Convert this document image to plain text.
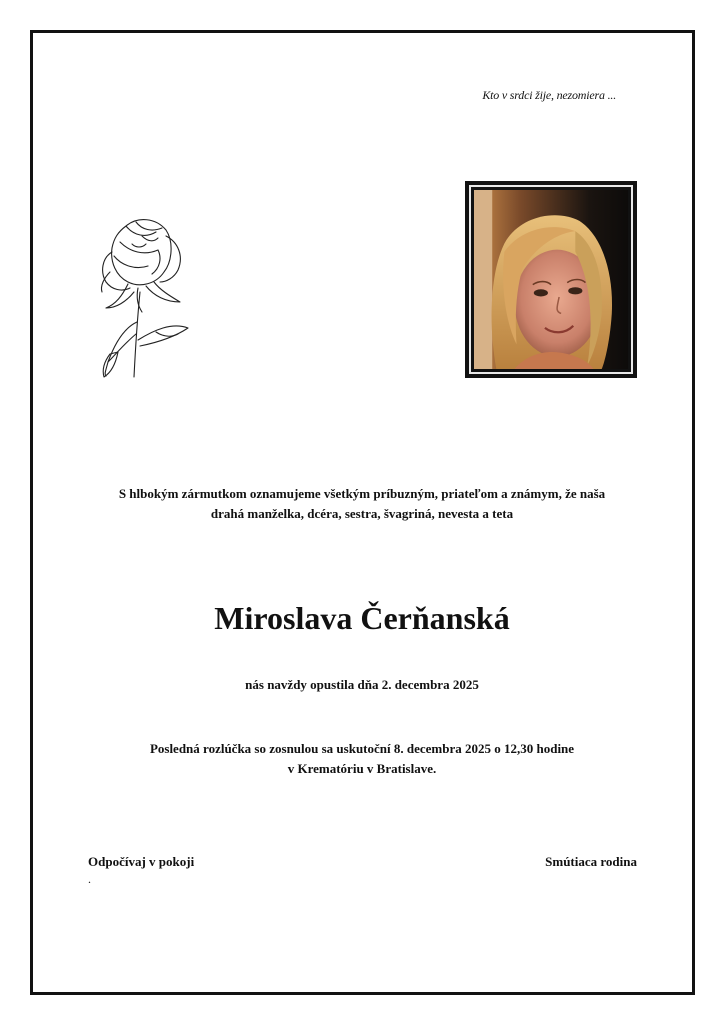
Kto v srdci žije, nezomiera ...
S hlbokým zármutkom oznamujeme všetkým príbuzným, priateľom a známym, že naša
drahá manželka, dcéra, sestra, švagriná, nevesta a teta
Miroslava Čerňanská
nás navždy opustila dňa 2. decembra 2025
Posledná rozlúčka so zosnulou sa uskutoční 8. decembra 2025 o 12,30 hodine
v Krematóriu v Bratislave.
Odpočívaj v pokoji
.
Smútiaca rodina
